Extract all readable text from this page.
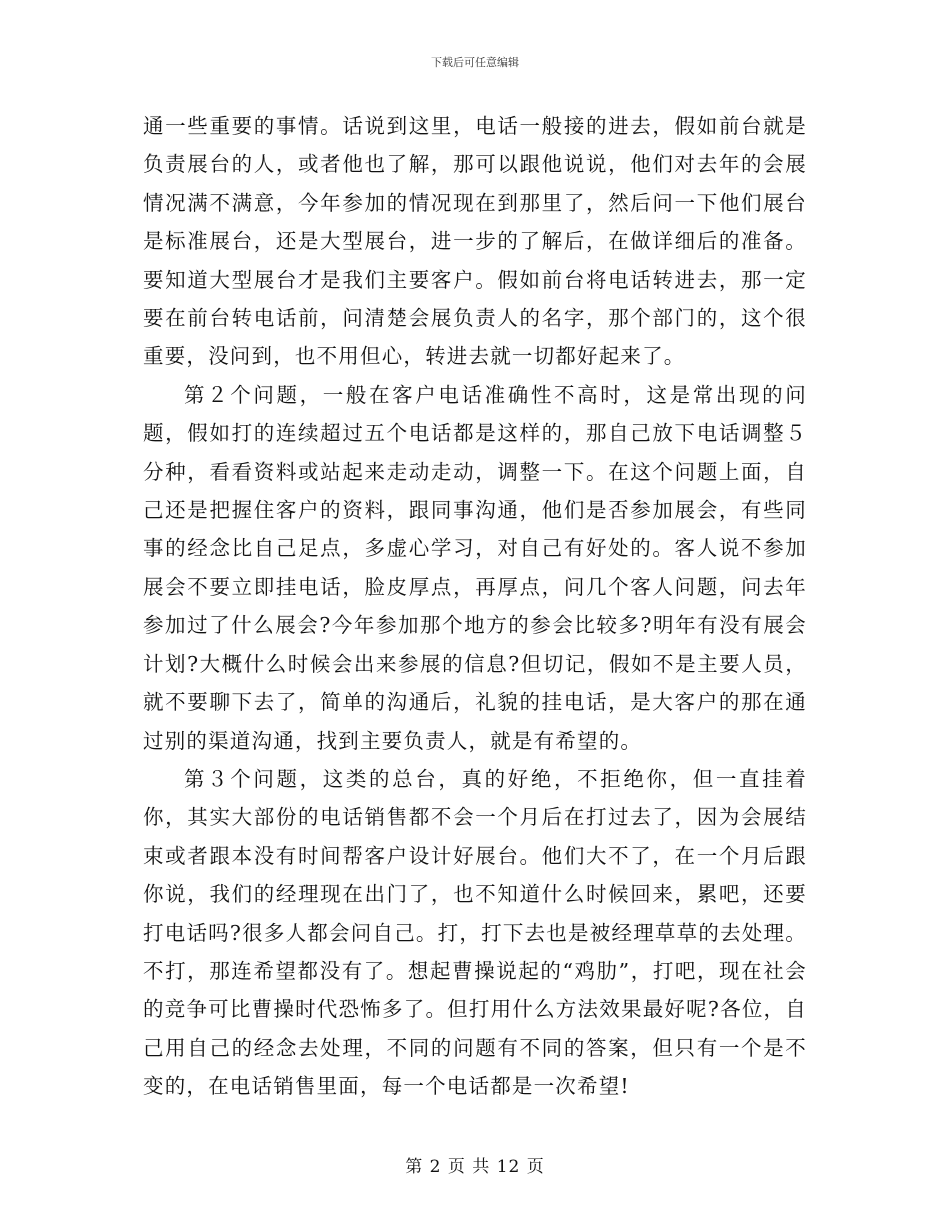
下载后可任意编辑

通一些重要的事情。话说到这里，电话一般接的进去，假如前台就是负责展台的人，或者他也了解，那可以跟他说说，他们对去年的会展情况满不满意，今年参加的情况现在到那里了，然后问一下他们展台是标准展台，还是大型展台，进一步的了解后，在做详细后的准备。要知道大型展台才是我们主要客户。假如前台将电话转进去，那一定要在前台转电话前，问清楚会展负责人的名字，那个部门的，这个很重要，没问到，也不用但心，转进去就一切都好起来了。

第２个问题，一般在客户电话准确性不高时，这是常出现的问题，假如打的连续超过五个电话都是这样的，那自己放下电话调整５分种，看看资料或站起来走动走动，调整一下。在这个问题上面，自己还是把握住客户的资料，跟同事沟通，他们是否参加展会，有些同事的经念比自己足点，多虚心学习，对自己有好处的。客人说不参加展会不要立即挂电话，脸皮厚点，再厚点，问几个客人问题，问去年参加过了什么展会?今年参加那个地方的参会比较多?明年有没有展会计划?大概什么时候会出来参展的信息?但切记，假如不是主要人员，就不要聊下去了，简单的沟通后，礼貌的挂电话，是大客户的那在通过别的渠道沟通，找到主要负责人，就是有希望的。

第３个问题，这类的总台，真的好绝，不拒绝你，但一直挂着你，其实大部份的电话销售都不会一个月后在打过去了，因为会展结束或者跟本没有时间帮客户设计好展台。他们大不了，在一个月后跟你说，我们的经理现在出门了，也不知道什么时候回来，累吧，还要打电话吗?很多人都会问自己。打，打下去也是被经理草草的去处理。不打，那连希望都没有了。想起曹操说起的“鸡肋”，打吧，现在社会的竞争可比曹操时代恐怖多了。但打用什么方法效果最好呢?各位，自己用自己的经念去处理，不同的问题有不同的答案，但只有一个是不变的，在电话销售里面，每一个电话都是一次希望!

第 2 页 共 12 页
